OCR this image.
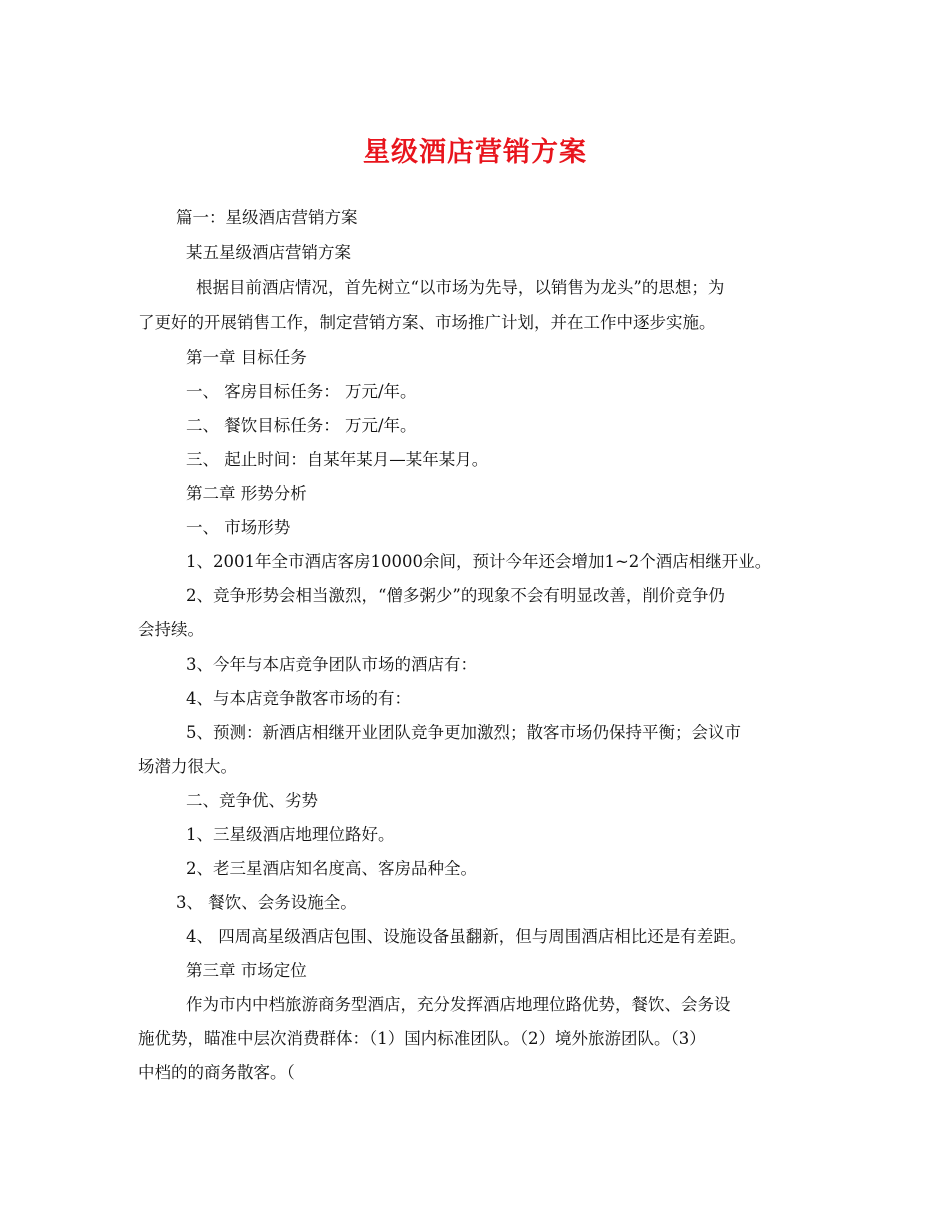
星级酒店营销方案
篇一：星级酒店营销方案
某五星级酒店营销方案
根据目前酒店情况，首先树立“以市场为先导，以销售为龙头”的思想；为
了更好的开展销售工作，制定营销方案、市场推广计划，并在工作中逐步实施。
第一章 目标任务
一、 客房目标任务： 万元/年。
二、 餐饮目标任务： 万元/年。
三、 起止时间：自某年某月—某年某月。
第二章 形势分析
一、 市场形势
1、2001年全市酒店客房10000余间，预计今年还会增加1~2个酒店相继开业。
2、竞争形势会相当激烈，“僧多粥少”的现象不会有明显改善，削价竞争仍
会持续。
3、今年与本店竞争团队市场的酒店有：
4、与本店竞争散客市场的有：
5、预测：新酒店相继开业团队竞争更加激烈；散客市场仍保持平衡；会议市
场潜力很大。
二、竞争优、劣势
1、三星级酒店地理位路好。
2、老三星酒店知名度高、客房品种全。
3、 餐饮、会务设施全。
4、 四周高星级酒店包围、设施设备虽翻新，但与周围酒店相比还是有差距。
第三章 市场定位
作为市内中档旅游商务型酒店，充分发挥酒店地理位路优势，餐饮、会务设
施优势，瞄准中层次消费群体：（1）国内标准团队。（2）境外旅游团队。（3）
中档的的商务散客。（
